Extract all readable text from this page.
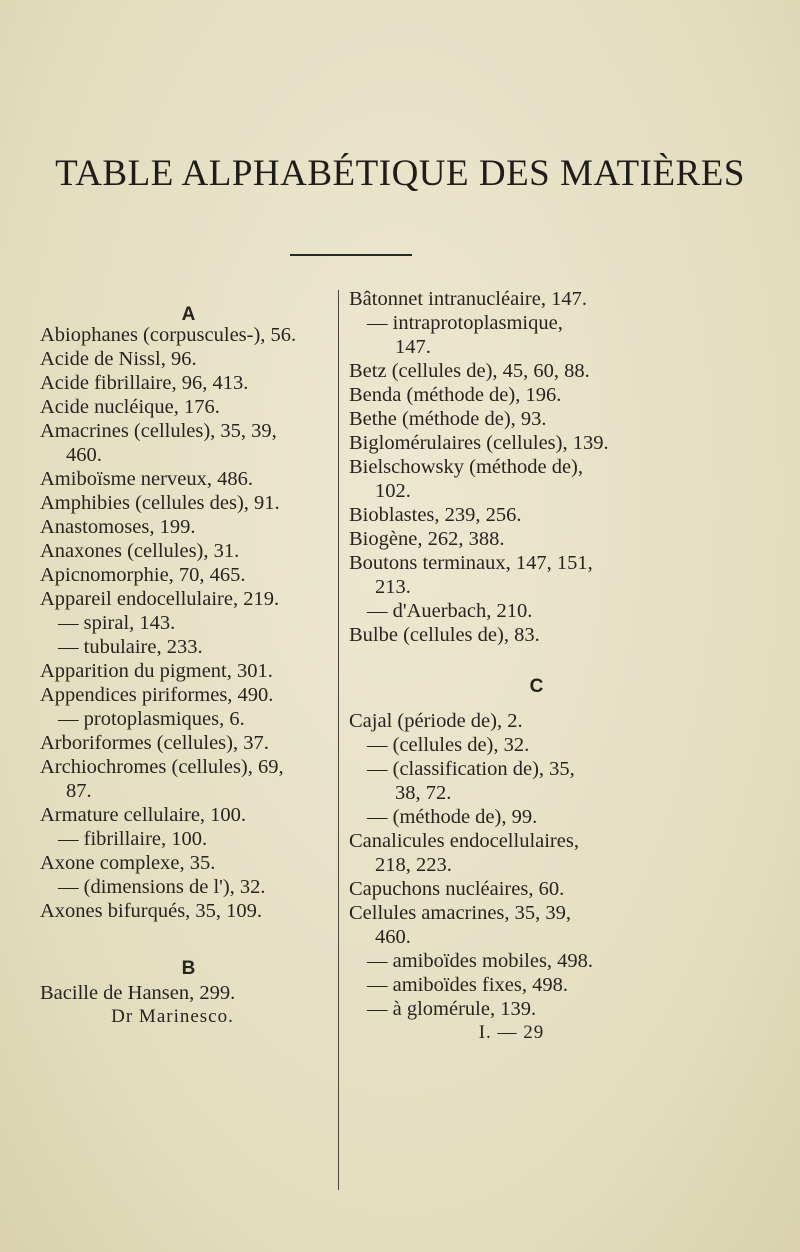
TABLE ALPHABÉTIQUE DES MATIÈRES
A
Abiophanes (corpuscules-), 56.
Acide de Nissl, 96.
Acide fibrillaire, 96, 413.
Acide nucléique, 176.
Amacrines (cellules), 35, 39,
460.
Amiboïsme nerveux, 486.
Amphibies (cellules des), 91.
Anastomoses, 199.
Anaxones (cellules), 31.
Apicnomorphie, 70, 465.
Appareil endocellulaire, 219.
— spiral, 143.
— tubulaire, 233.
Apparition du pigment, 301.
Appendices piriformes, 490.
— protoplasmiques, 6.
Arboriformes (cellules), 37.
Archiochromes (cellules), 69,
87.
Armature cellulaire, 100.
— fibrillaire, 100.
Axone complexe, 35.
— (dimensions de l'), 32.
Axones bifurqués, 35, 109.
B
Bacille de Hansen, 299.
Dr Marinesco.
Bâtonnet intranucléaire, 147.
— intraprotoplasmique,
147.
Betz (cellules de), 45, 60, 88.
Benda (méthode de), 196.
Bethe (méthode de), 93.
Biglomérulaires (cellules), 139.
Bielschowsky (méthode de),
102.
Bioblastes, 239, 256.
Biogène, 262, 388.
Boutons terminaux, 147, 151,
213.
— d'Auerbach, 210.
Bulbe (cellules de), 83.
C
Cajal (période de), 2.
— (cellules de), 32.
— (classification de), 35,
38, 72.
— (méthode de), 99.
Canalicules endocellulaires,
218, 223.
Capuchons nucléaires, 60.
Cellules amacrines, 35, 39,
460.
— amiboïdes mobiles, 498.
— amiboïdes fixes, 498.
— à glomérule, 139.
I. — 29
